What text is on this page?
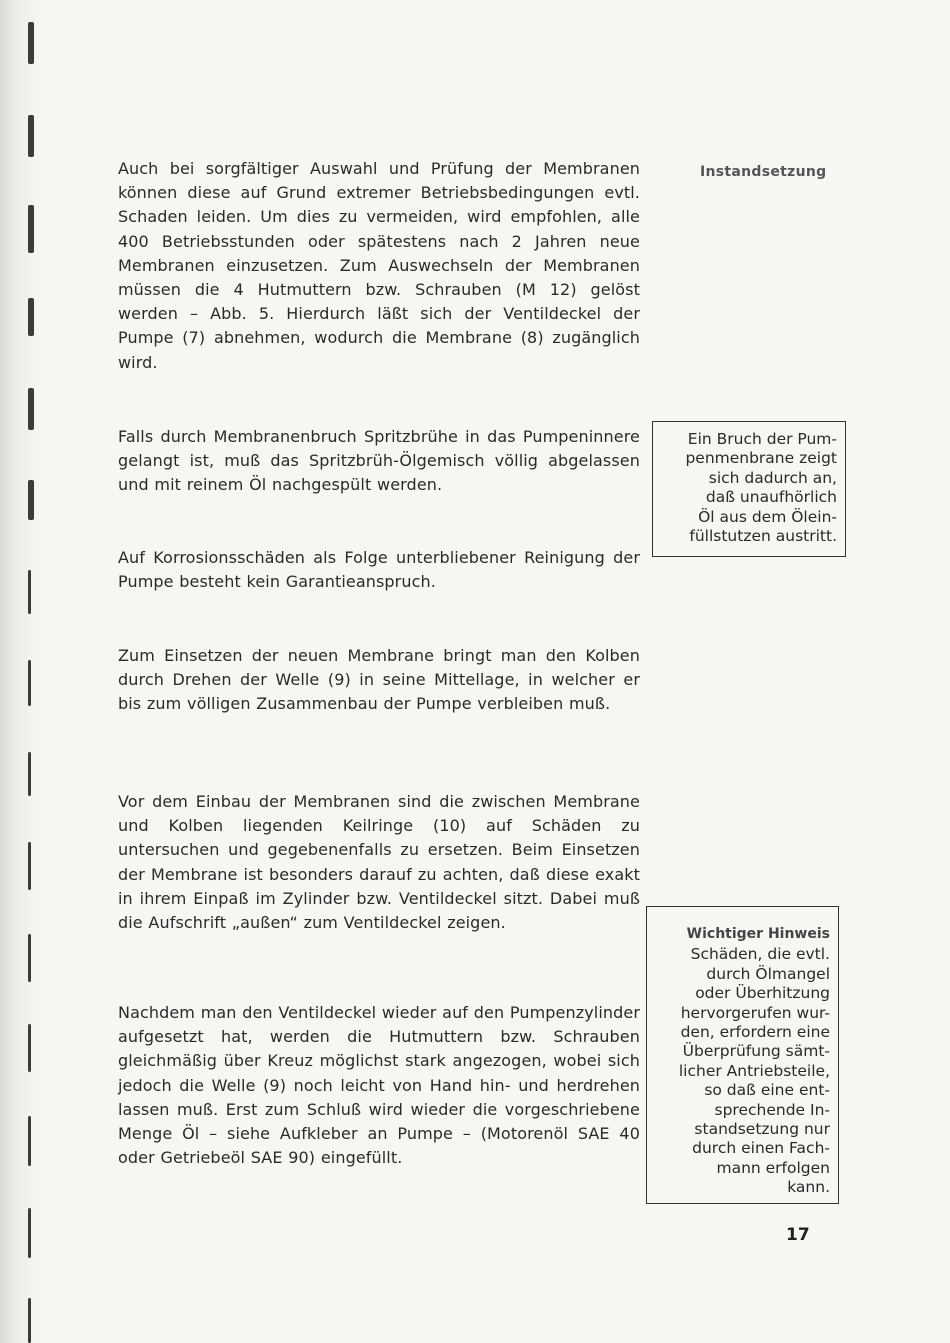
Instandsetzung

Auch bei sorgfältiger Auswahl und Prüfung der Membranen können diese auf Grund extremer Betriebsbedingungen evtl. Schaden leiden. Um dies zu vermeiden, wird empfohlen, alle 400 Betriebsstunden oder spätestens nach 2 Jahren neue Membranen einzusetzen. Zum Auswechseln der Membranen müssen die 4 Hutmuttern bzw. Schrauben (M 12) gelöst werden – Abb. 5. Hierdurch läßt sich der Ventildeckel der Pumpe (7) abnehmen, wodurch die Membrane (8) zugänglich wird.

Falls durch Membranenbruch Spritzbrühe in das Pumpeninnere gelangt ist, muß das Spritzbrüh-Ölgemisch völlig abgelassen und mit reinem Öl nachgespült werden.

Auf Korrosionsschäden als Folge unterbliebener Reinigung der Pumpe besteht kein Garantieanspruch.

Zum Einsetzen der neuen Membrane bringt man den Kolben durch Drehen der Welle (9) in seine Mittellage, in welcher er bis zum völligen Zusammenbau der Pumpe verbleiben muß.

Vor dem Einbau der Membranen sind die zwischen Membrane und Kolben liegenden Keilringe (10) auf Schäden zu untersuchen und gegebenenfalls zu ersetzen. Beim Einsetzen der Membrane ist besonders darauf zu achten, daß diese exakt in ihrem Einpaß im Zylinder bzw. Ventildeckel sitzt. Dabei muß die Aufschrift „außen“ zum Ventildeckel zeigen.

Nachdem man den Ventildeckel wieder auf den Pumpenzylinder aufgesetzt hat, werden die Hutmuttern bzw. Schrauben gleichmäßig über Kreuz möglichst stark angezogen, wobei sich jedoch die Welle (9) noch leicht von Hand hin- und herdrehen lassen muß. Erst zum Schluß wird wieder die vorgeschriebene Menge Öl – siehe Aufkleber an Pumpe – (Motorenöl SAE 40 oder Getriebeöl SAE 90) eingefüllt.

Ein Bruch der Pum-
penmenbrane zeigt
sich dadurch an,
daß unaufhörlich
Öl aus dem Ölein-
füllstutzen austritt.
Wichtiger Hinweis
Schäden, die evtl.
durch Ölmangel
oder Überhitzung
hervorgerufen wur-
den, erfordern eine
Überprüfung sämt-
licher Antriebsteile,
so daß eine ent-
sprechende In-
standsetzung nur
durch einen Fach-
mann erfolgen
kann.
17
